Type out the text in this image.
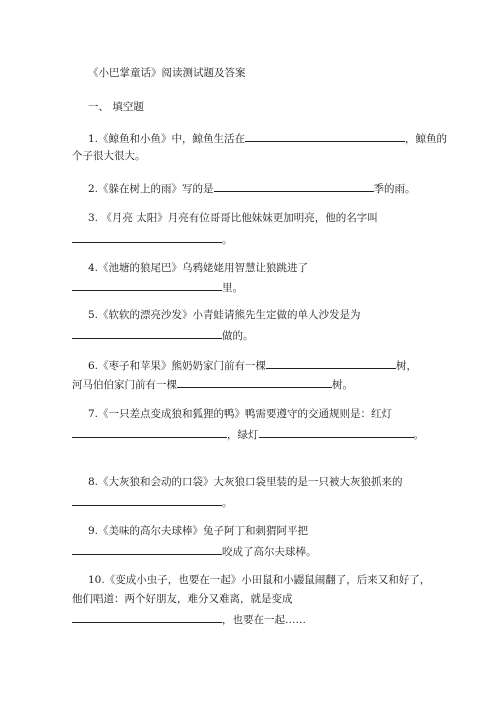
《小巴掌童话》阅读测试题及答案
一、 填空题
1.《鲸鱼和小鱼》中，鲸鱼生活在	，鲸鱼的
个子很大很大。
2.《躲在树上的雨》写的是	季的雨。
3. 《月亮 太阳》月亮有位哥哥比他妹妹更加明亮，他的名字叫
。
4.《池塘的狼尾巴》乌鸦姥姥用智慧让狼跳进了
里。
5.《软软的漂亮沙发》小青蛙请熊先生定做的单人沙发是为
做的。
6.《枣子和苹果》熊奶奶家门前有一棵	树，
河马伯伯家门前有一棵	树。
7.《一只差点变成狼和狐狸的鸭》鸭需要遵守的交通规则是：红灯
，绿灯	。
8.《大灰狼和会动的口袋》大灰狼口袋里装的是一只被大灰狼抓来的
。
9.《美味的高尔夫球棒》兔子阿丁和刺猬阿平把
咬成了高尔夫球棒。
10.《变成小虫子，也要在一起》小田鼠和小鼹鼠闹翻了，后来又和好了，
他们唱道：两个好朋友，难分又难离，就是变成
，也要在一起……
